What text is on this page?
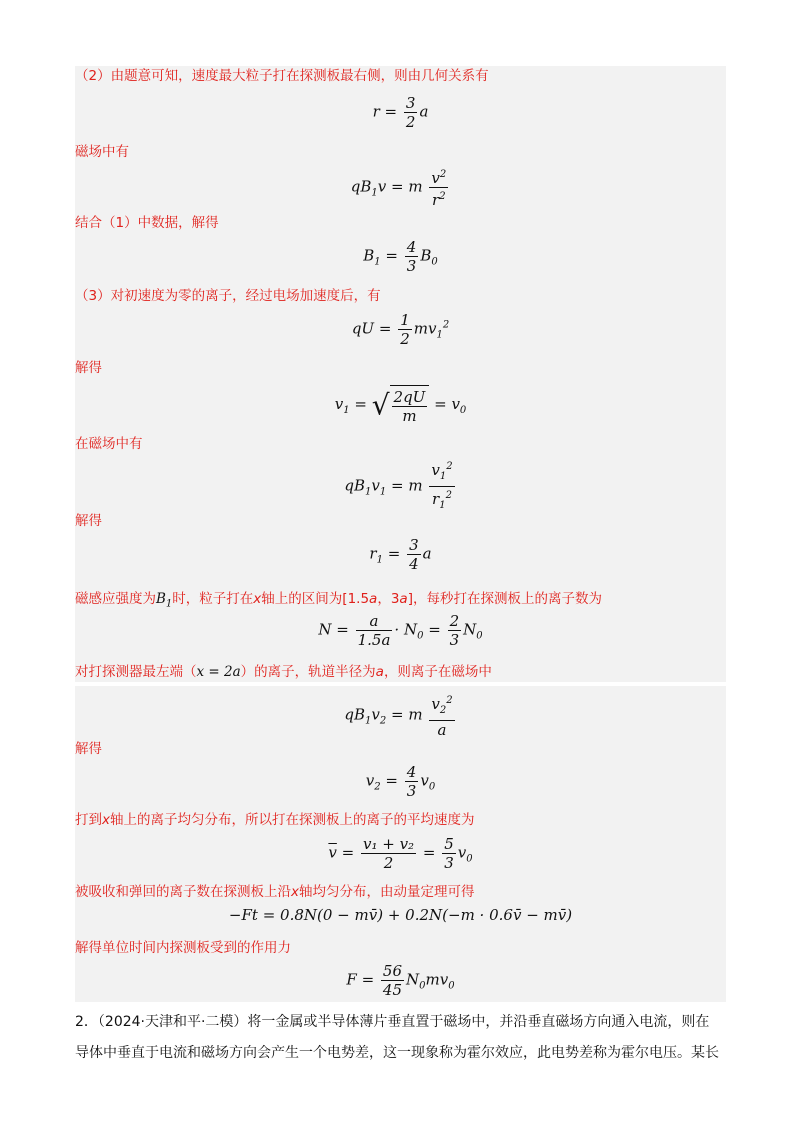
（2）由题意可知，速度最大粒子打在探测板最右侧，则由几何关系有
$r = \frac{3}{2}$ a
磁场中有
$qB_1v = m \frac{v^2}{r^2}$
结合（1）中数据，解得
$B_1 = \frac{4}{3} B_0$
（3）对初速度为零的离子，经过电场加速度后，有
qU = $\frac{1}{2} mv_1^2$
解得
$v_1$ = √ $\frac{2qU}{m} = v_0$
在磁场中有
$qB_1v_1 = m \frac{v_1^2}{r_1^2}$
解得
$r_1 = \frac{3}{4}$ a
磁感应强度为$B_1$时，粒子打在x轴上的区间为[1.5a，3a]，每秒打在探测板上的离子数为
$N = \frac{a}{1.5a} \cdot N_0 = \frac{2}{3} N_0$
对打探测器最左端（x = 2a）的离子，轨道半径为a，则离子在磁场中
$qB_1v_2 = m \frac{v_2^2}{a}$
解得
$v_2 = \frac{4}{3} v_0$
打到x轴上的离子均匀分布，所以打在探测板上的离子的平均速度为
$\overline{v} = \frac{\text{v₁ + v₂}}{2} = \frac{5}{3} v_0$
被吸收和弹回的离子数在探测板上沿x轴均匀分布，由动量定理可得
−Ft = 0.8N(0 − mv̄) + 0.2N(−m · 0.6v̄ − mv̄)
解得单位时间内探测板受到的作用力
$F = \frac{56}{45} N_0mv_0$
2．（2024·天津和平·二模）将一金属或半导体薄片垂直置于磁场中，并沿垂直磁场方向通入电流，则在
导体中垂直于电流和磁场方向会产生一个电势差，这一现象称为霍尔效应，此电势差称为霍尔电压。某长
